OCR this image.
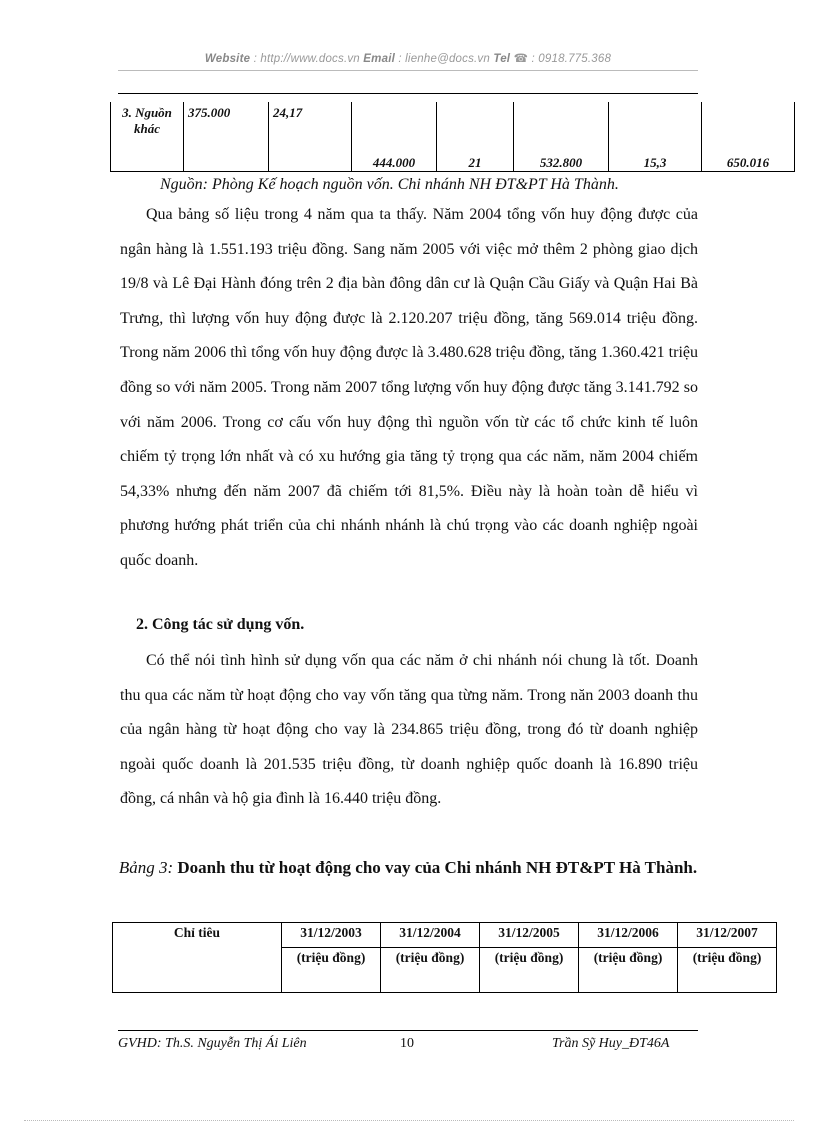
Website : http://www.docs.vn Email : lienhe@docs.vn Tel ☎ : 0918.775.368
3. Nguồn khác	375.000	24,17	444.000	21	532.800	15,3	650.016
Nguồn: Phòng Kế hoạch nguồn vốn. Chi nhánh NH ĐT&PT Hà Thành.

Qua bảng số liệu trong 4 năm qua ta thấy. Năm 2004 tổng vốn huy động được của ngân hàng là 1.551.193 triệu đồng. Sang năm 2005 với việc mở thêm 2 phòng giao dịch 19/8 và Lê Đại Hành đóng trên 2 địa bàn đông dân cư là Quận Cầu Giấy và Quận Hai Bà Trưng, thì lượng vốn huy động được là 2.120.207 triệu đồng, tăng 569.014 triệu đồng. Trong năm 2006 thì tổng vốn huy động được là 3.480.628 triệu đồng, tăng 1.360.421 triệu đồng so với năm 2005. Trong năm 2007 tổng lượng vốn huy động được tăng 3.141.792 so với năm 2006. Trong cơ cấu vốn huy động thì nguồn vốn từ các tổ chức kinh tế luôn chiếm tỷ trọng lớn nhất và có xu hướng gia tăng tỷ trọng qua các năm, năm 2004 chiếm 54,33% nhưng đến năm 2007 đã chiếm tới 81,5%. Điều này là hoàn toàn dễ hiểu vì phương hướng phát triển của chi nhánh nhánh là chú trọng vào các doanh nghiệp ngoài quốc doanh.

2. Công tác sử dụng vốn.

Có thể nói tình hình sử dụng vốn qua các năm ở chi nhánh nói chung là tốt. Doanh thu qua các năm từ hoạt động cho vay vốn tăng qua từng năm. Trong năn 2003 doanh thu của ngân hàng từ hoạt động cho vay là 234.865 triệu đồng, trong đó từ doanh nghiệp ngoài quốc doanh là 201.535 triệu đồng, từ doanh nghiệp quốc doanh là 16.890 triệu đồng, cá nhân và hộ gia đình là 16.440 triệu đồng.

Bảng 3: Doanh thu từ hoạt động cho vay của Chi nhánh NH ĐT&PT Hà Thành.
Chỉ tiêu	31/12/2003	31/12/2004	31/12/2005	31/12/2006	31/12/2007
	(triệu đồng)	(triệu đồng)	(triệu đồng)	(triệu đồng)	(triệu đồng)
GVHD: Th.S. Nguyễn Thị Ái Liên	10	Trần Sỹ Huy_ĐT46A
